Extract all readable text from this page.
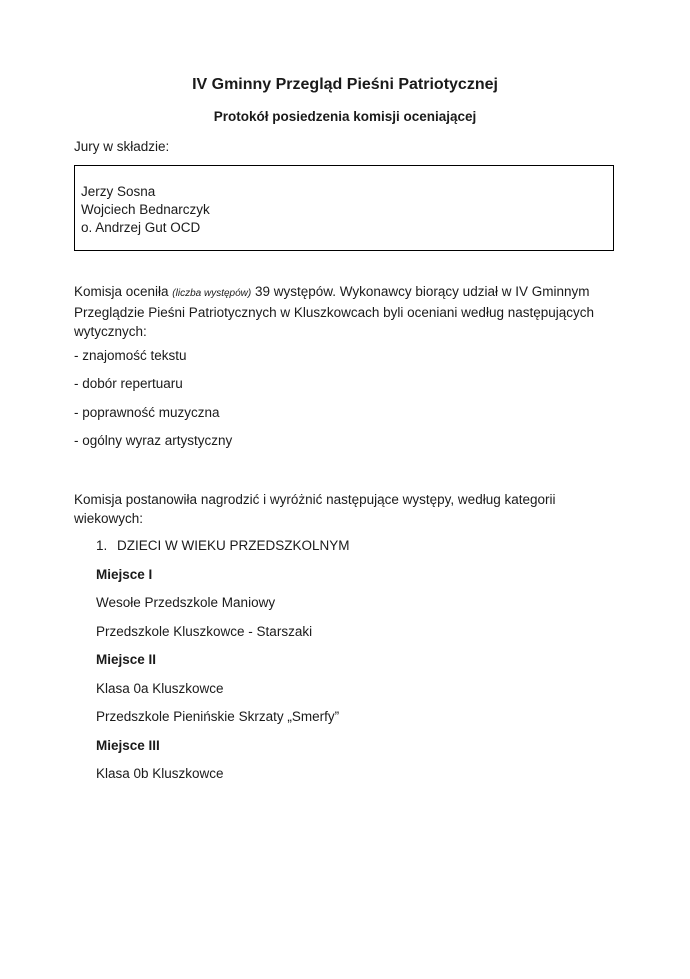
IV Gminny Przegląd Pieśni Patriotycznej
Protokół posiedzenia komisji oceniającej
Jury w składzie:
Jerzy Sosna
Wojciech Bednarczyk
o. Andrzej Gut OCD
Komisja oceniła (liczba występów) 39 występów. Wykonawcy biorący udział w IV Gminnym Przeglądzie Pieśni Patriotycznych w Kluszkowcach byli oceniani według następujących wytycznych:
- znajomość tekstu
- dobór repertuaru
- poprawność muzyczna
- ogólny wyraz artystyczny
Komisja postanowiła nagrodzić i wyróżnić następujące występy, według kategorii wiekowych:
1. DZIECI W WIEKU PRZEDSZKOLNYM
Miejsce I
Wesołe Przedszkole Maniowy
Przedszkole Kluszkowce - Starszaki
Miejsce II
Klasa 0a Kluszkowce
Przedszkole Pienińskie Skrzaty „Smerfy”
Miejsce III
Klasa 0b Kluszkowce
